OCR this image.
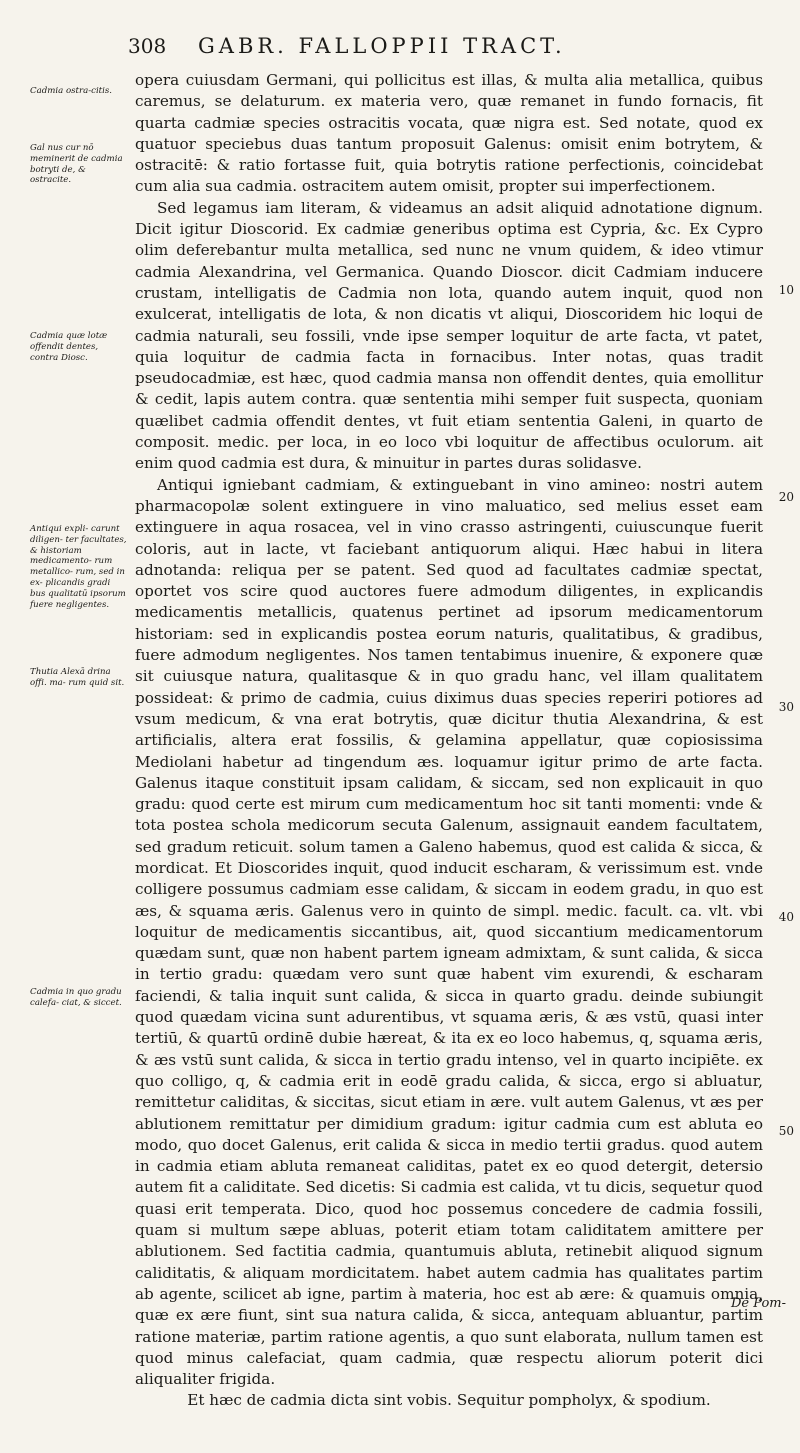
308 GABR. FALLOPPII TRACT.
Cadmia ostra-citis.
Gal nus cur nō meminerit de cadmia botryti de, & ostracite.
Cadmia quæ lotæ offendit dentes, contra Diosc.
Antiqui expli- carunt diligen- ter facultates, & historiam medicamento- rum metallico- rum, sed in ex- plicandis gradi bus qualitatū ipsorum fuere negligentes.
Thutia Alexā drina offi. ma- rum quid sit.
Cadmia in quo gradu calefa- ciat, & siccet.
10
20
30
40
50

opera cuiusdam Germani, qui pollicitus est illas, & multa alia metallica, quibus caremus, se delaturum. ex materia vero, quæ remanet in fundo fornacis, fit quarta cadmiæ species ostracitis vocata, quæ nigra est. Sed notate, quod ex quatuor speciebus duas tantum proposuit Galenus: omisit enim botrytem, & ostracitē: & ratio fortasse fuit, quia botrytis ratione perfectionis, coincidebat cum alia sua cadmia. ostracitem autem omisit, propter sui imperfectionem.

Sed legamus iam literam, & videamus an adsit aliquid adnotatione dignum. Dicit igitur Dioscorid. Ex cadmiæ generibus optima est Cypria, &c. Ex Cypro olim deferebantur multa metallica, sed nunc ne vnum quidem, & ideo vtimur cadmia Alexandrina, vel Germanica. Quando Dioscor. dicit Cadmiam inducere crustam, intelligatis de Cadmia non lota, quando autem inquit, quod non exulcerat, intelligatis de lota, & non dicatis vt aliqui, Dioscoridem hic loqui de cadmia naturali, seu fossili, vnde ipse semper loquitur de arte facta, vt patet, quia loquitur de cadmia facta in fornacibus. Inter notas, quas tradit pseudocadmiæ, est hæc, quod cadmia mansa non offendit dentes, quia emollitur & cedit, lapis autem contra. quæ sententia mihi semper fuit suspecta, quoniam quælibet cadmia offendit dentes, vt fuit etiam sententia Galeni, in quarto de composit. medic. per loca, in eo loco vbi loquitur de affectibus oculorum. ait enim quod cadmia est dura, & minuitur in partes duras solidasve.

Antiqui igniebant cadmiam, & extinguebant in vino amineo: nostri autem pharmacopolæ solent extinguere in vino maluatico, sed melius esset eam extinguere in aqua rosacea, vel in vino crasso astringenti, cuiuscunque fuerit coloris, aut in lacte, vt faciebant antiquorum aliqui. Hæc habui in litera adnotanda: reliqua per se patent. Sed quod ad facultates cadmiæ spectat, oportet vos scire quod auctores fuere admodum diligentes, in explicandis medicamentis metallicis, quatenus pertinet ad ipsorum medicamentorum historiam: sed in explicandis postea eorum naturis, qualitatibus, & gradibus, fuere admodum negligentes. Nos tamen tentabimus inuenire, & exponere quæ sit cuiusque natura, qualitasque & in quo gradu hanc, vel illam qualitatem possideat: & primo de cadmia, cuius diximus duas species reperiri potiores ad vsum medicum, & vna erat botrytis, quæ dicitur thutia Alexandrina, & est artificialis, altera erat fossilis, & gelamina appellatur, quæ copiosissima Mediolani habetur ad tingendum æs. loquamur igitur primo de arte facta. Galenus itaque constituit ipsam calidam, & siccam, sed non explicauit in quo gradu: quod certe est mirum cum medicamentum hoc sit tanti momenti: vnde & tota postea schola medicorum secuta Galenum, assignauit eandem facultatem, sed gradum reticuit. solum tamen a Galeno habemus, quod est calida & sicca, & mordicat. Et Dioscorides inquit, quod inducit escharam, & verissimum est. vnde colligere possumus cadmiam esse calidam, & siccam in eodem gradu, in quo est æs, & squama æris. Galenus vero in quinto de simpl. medic. facult. ca. vlt. vbi loquitur de medicamentis siccantibus, ait, quod siccantium medicamentorum quædam sunt, quæ non habent partem igneam admixtam, & sunt calida, & sicca in tertio gradu: quædam vero sunt quæ habent vim exurendi, & escharam faciendi, & talia inquit sunt calida, & sicca in quarto gradu. deinde subiungit quod quædam vicina sunt adurentibus, vt squama æris, & æs vstū, quasi inter tertiū, & quartū ordinē dubie hæreat, & ita ex eo loco habemus, q, squama æris, & æs vstū sunt calida, & sicca in tertio gradu intenso, vel in quarto incipiēte. ex quo colligo, q, & cadmia erit in eodē gradu calida, & sicca, ergo si abluatur, remittetur caliditas, & siccitas, sicut etiam in ære. vult autem Galenus, vt æs per ablutionem remittatur per dimidium gradum: igitur cadmia cum est abluta eo modo, quo docet Galenus, erit calida & sicca in medio tertii gradus. quod autem in cadmia etiam abluta remaneat caliditas, patet ex eo quod detergit, detersio autem fit a caliditate. Sed dicetis: Si cadmia est calida, vt tu dicis, sequetur quod quasi erit temperata. Dico, quod hoc possemus concedere de cadmia fossili, quam si multum sæpe abluas, poterit etiam totam caliditatem amittere per ablutionem. Sed factitia cadmia, quantumuis abluta, retinebit aliquod signum caliditatis, & aliquam mordicitatem. habet autem cadmia has qualitates partim ab agente, scilicet ab igne, partim à materia, hoc est ab ære: & quamuis omnia, quæ ex ære fiunt, sint sua natura calida, & sicca, antequam abluantur, partim ratione materiæ, partim ratione agentis, a quo sunt elaborata, nullum tamen est quod minus calefaciat, quam cadmia, quæ respectu aliorum poterit dici aliqualiter frigida.

Et hæc de cadmia dicta sint vobis. Sequitur pompholyx, & spodium.

De Pom-
